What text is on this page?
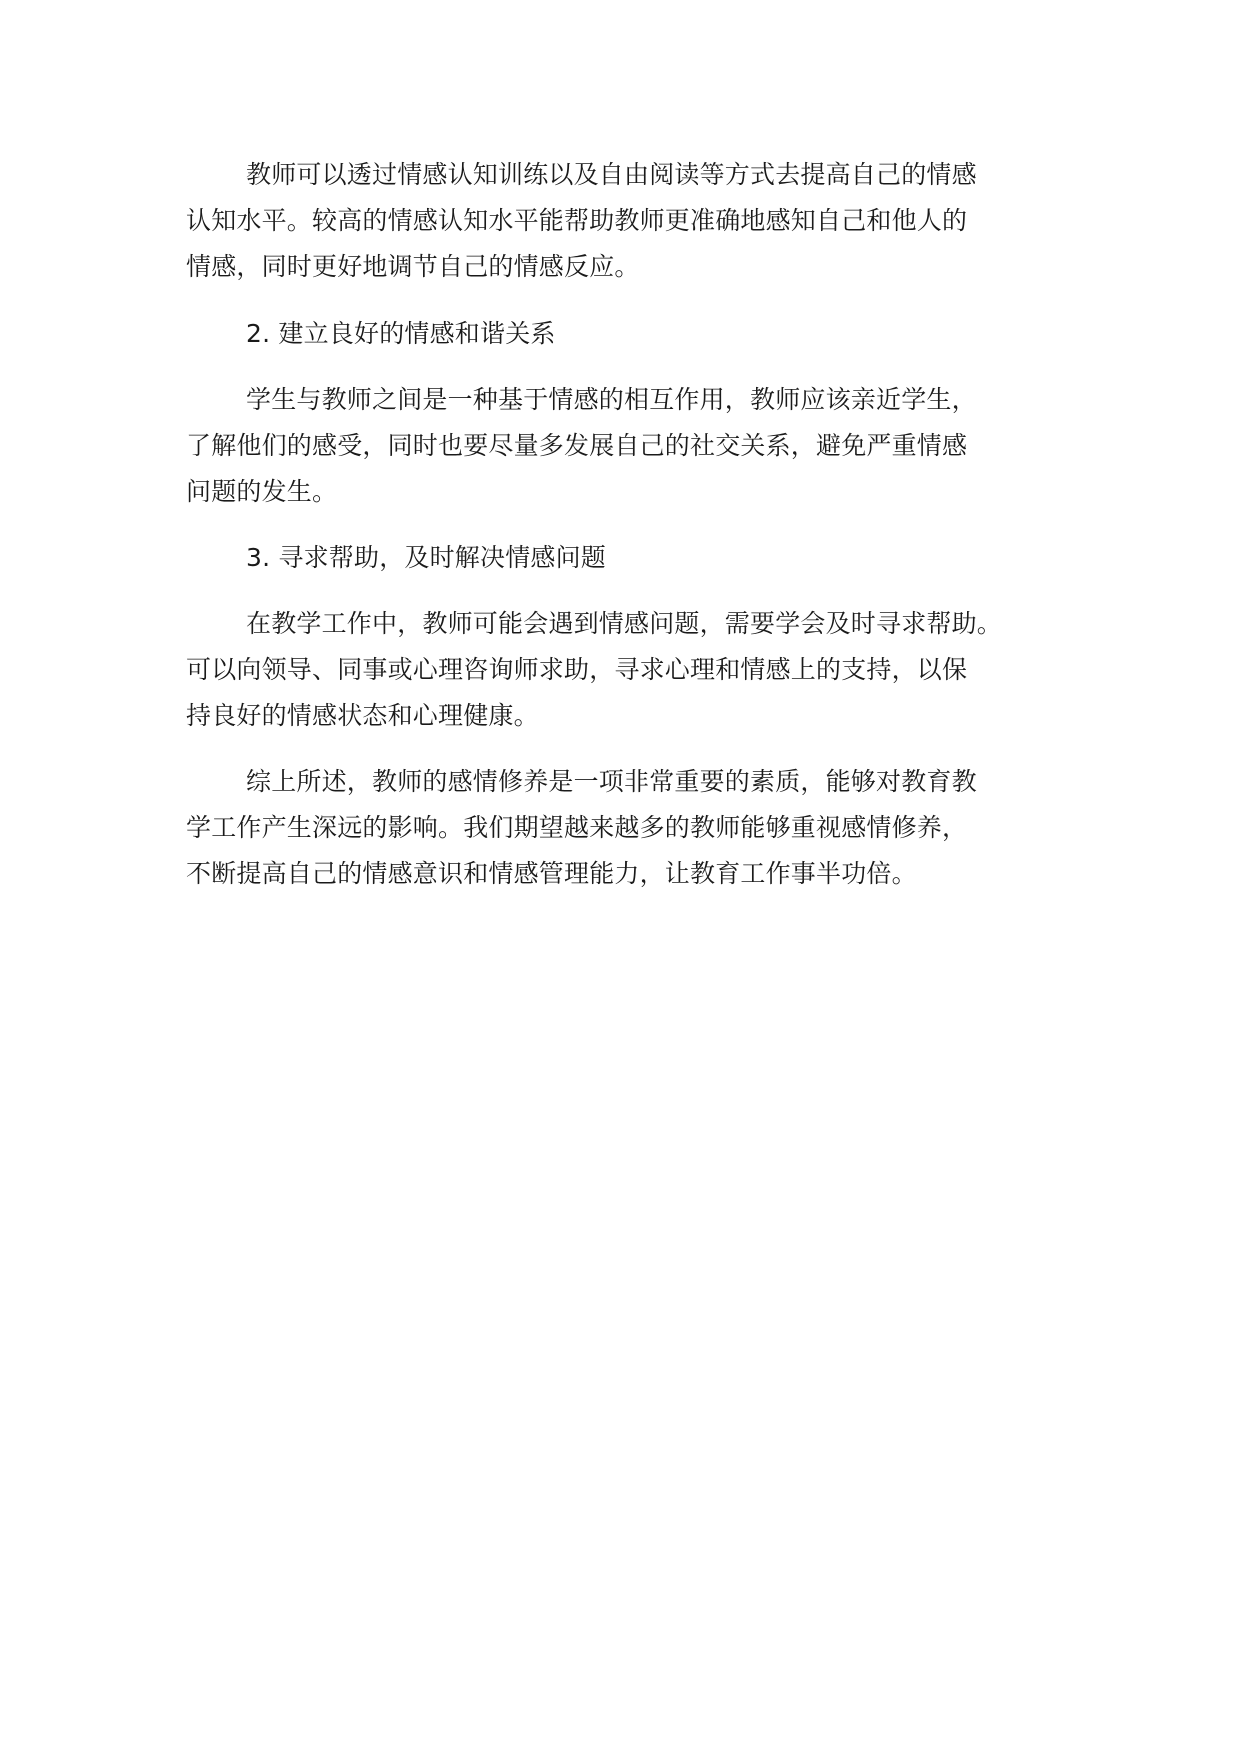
教师可以透过情感认知训练以及自由阅读等方式去提高自己的情感
认知水平。较高的情感认知水平能帮助教师更准确地感知自己和他人的
情感，同时更好地调节自己的情感反应。
2. 建立良好的情感和谐关系
学生与教师之间是一种基于情感的相互作用，教师应该亲近学生，
了解他们的感受，同时也要尽量多发展自己的社交关系，避免严重情感
问题的发生。
3. 寻求帮助，及时解决情感问题
在教学工作中，教师可能会遇到情感问题，需要学会及时寻求帮助。
可以向领导、同事或心理咨询师求助，寻求心理和情感上的支持，以保
持良好的情感状态和心理健康。
综上所述，教师的感情修养是一项非常重要的素质，能够对教育教
学工作产生深远的影响。我们期望越来越多的教师能够重视感情修养，
不断提高自己的情感意识和情感管理能力，让教育工作事半功倍。
